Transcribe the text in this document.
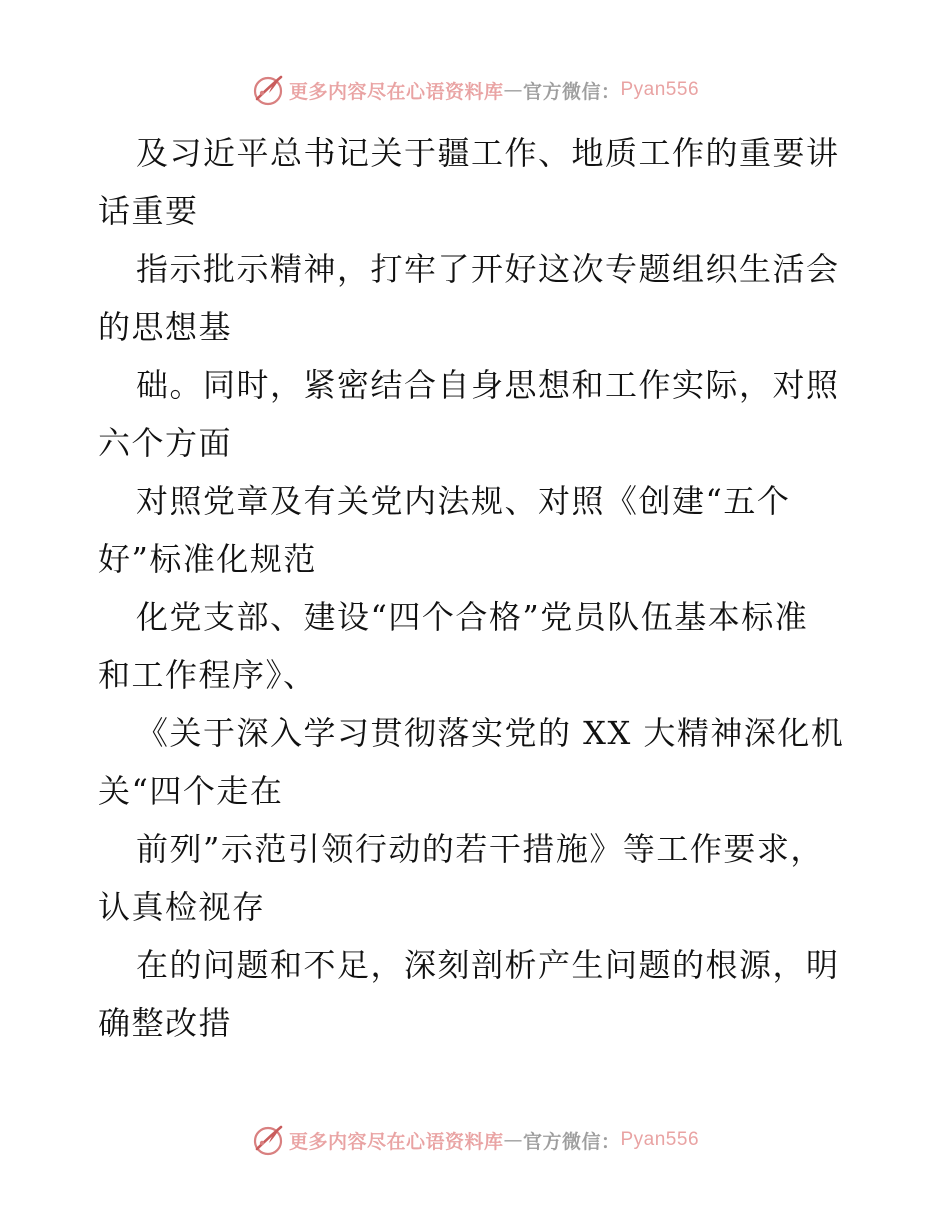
更多内容尽在心语资料库 — 官方微信： Pyan556
及习近平总书记关于疆工作、地质工作的重要讲
话重要
指示批示精神，打牢了开好这次专题组织生活会
的思想基
础。同时，紧密结合自身思想和工作实际，对照
六个方面
对照党章及有关党内法规、对照《创建“五个
好”标准化规范
化党支部、建设“四个合格”党员队伍基本标准
和工作程序》、
《关于深入学习贯彻落实党的 XX 大精神深化机
关“四个走在
前列”示范引领行动的若干措施》等工作要求，
认真检视存
在的问题和不足，深刻剖析产生问题的根源，明
确整改措
更多内容尽在心语资料库 — 官方微信： Pyan556
